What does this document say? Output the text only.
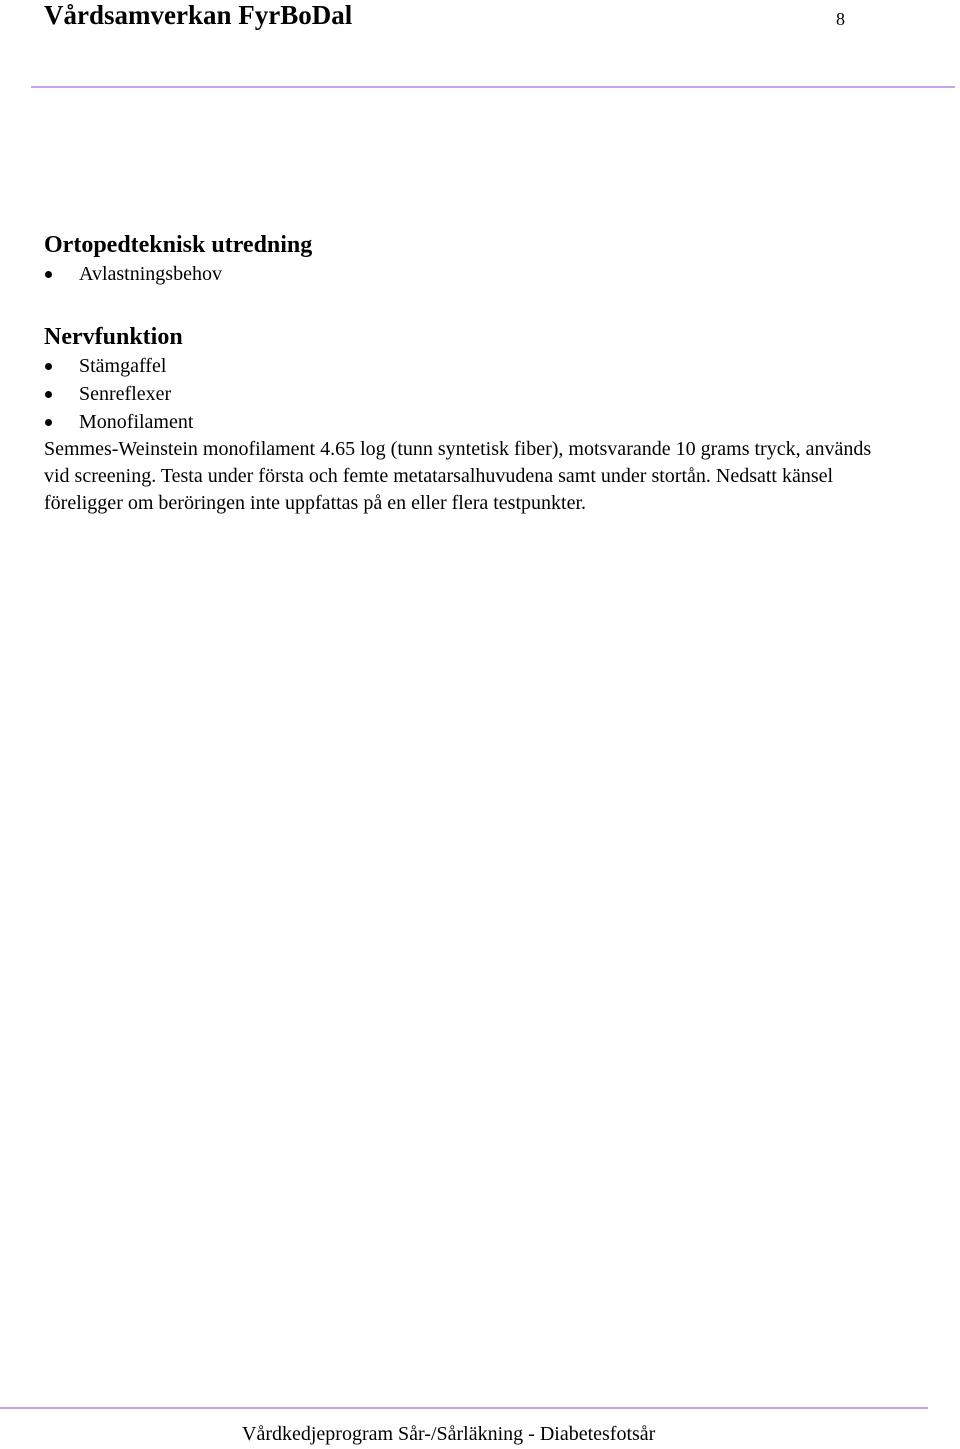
Vårdsamverkan FyrBoDal	8
Ortopedteknisk utredning
Avlastningsbehov
Nervfunktion
Stämgaffel
Senreflexer
Monofilament

Semmes-Weinstein monofilament 4.65 log (tunn syntetisk fiber), motsvarande 10 grams tryck, används vid screening. Testa under första och femte metatarsalhuvudena samt under stortån. Nedsatt känsel föreligger om beröringen inte uppfattas på en eller flera testpunkter.

Vårdkedjeprogram Sår-/Sårläkning - Diabetesfotsår
